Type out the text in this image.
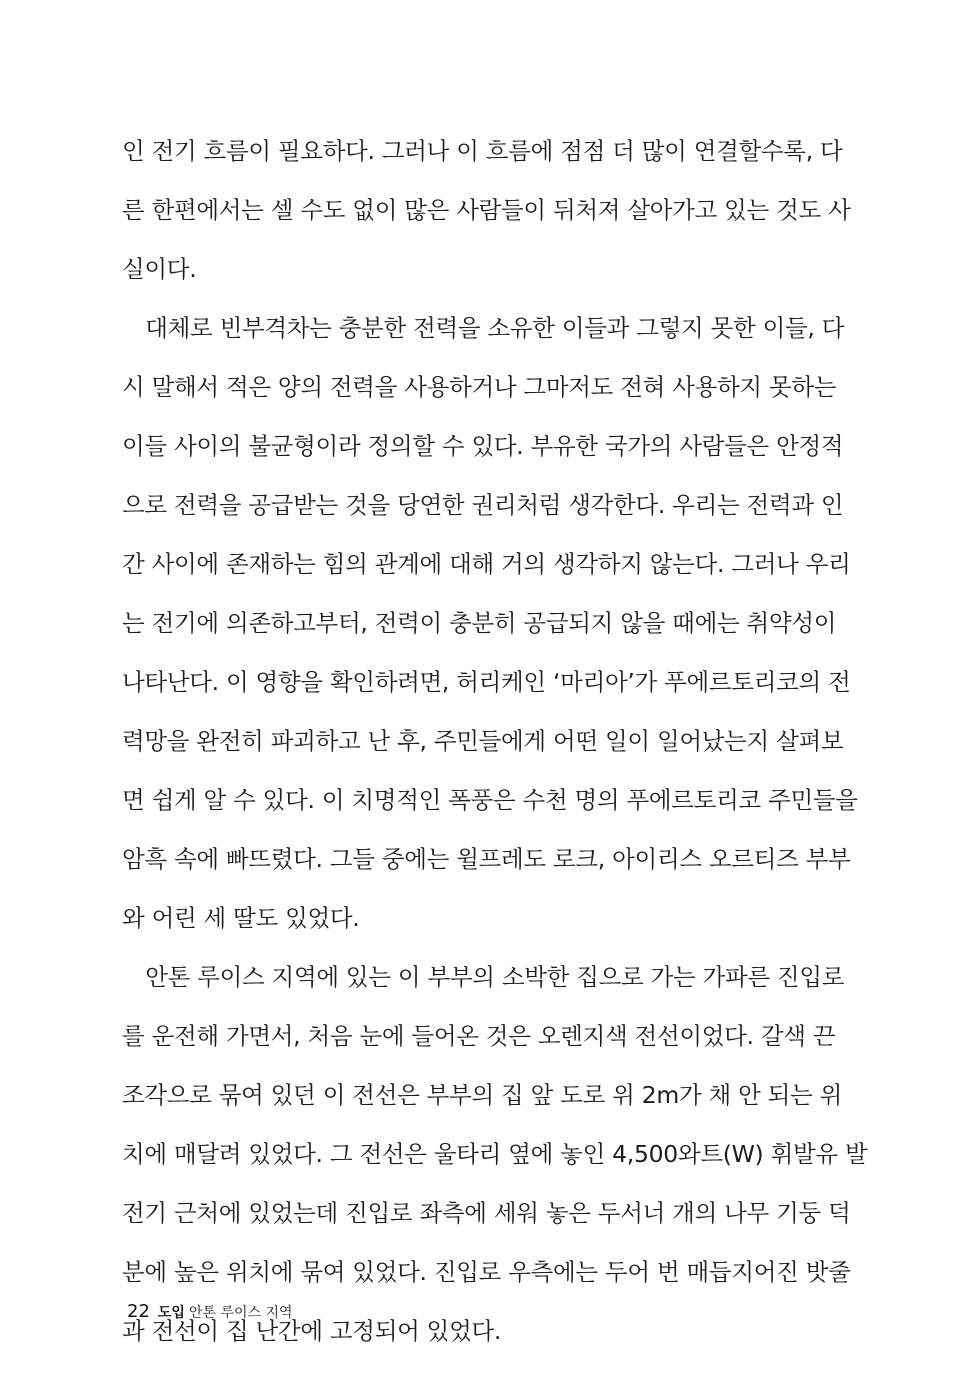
인 전기 흐름이 필요하다. 그러나 이 흐름에 점점 더 많이 연결할수록, 다
른 한편에서는 셀 수도 없이 많은 사람들이 뒤처져 살아가고 있는 것도 사
실이다.
　대체로 빈부격차는 충분한 전력을 소유한 이들과 그렇지 못한 이들, 다
시 말해서 적은 양의 전력을 사용하거나 그마저도 전혀 사용하지 못하는
이들 사이의 불균형이라 정의할 수 있다. 부유한 국가의 사람들은 안정적
으로 전력을 공급받는 것을 당연한 권리처럼 생각한다. 우리는 전력과 인
간 사이에 존재하는 힘의 관계에 대해 거의 생각하지 않는다. 그러나 우리
는 전기에 의존하고부터, 전력이 충분히 공급되지 않을 때에는 취약성이
나타난다. 이 영향을 확인하려면, 허리케인 ‘마리아’가 푸에르토리코의 전
력망을 완전히 파괴하고 난 후, 주민들에게 어떤 일이 일어났는지 살펴보
면 쉽게 알 수 있다. 이 치명적인 폭풍은 수천 명의 푸에르토리코 주민들을
암흑 속에 빠뜨렸다. 그들 중에는 윌프레도 로크, 아이리스 오르티즈 부부
와 어린 세 딸도 있었다.
　안톤 루이스 지역에 있는 이 부부의 소박한 집으로 가는 가파른 진입로
를 운전해 가면서, 처음 눈에 들어온 것은 오렌지색 전선이었다. 갈색 끈
조각으로 묶여 있던 이 전선은 부부의 집 앞 도로 위 2m가 채 안 되는 위
치에 매달려 있었다. 그 전선은 울타리 옆에 놓인 4,500와트(W) 휘발유 발
전기 근처에 있었는데 진입로 좌측에 세워 놓은 두서너 개의 나무 기둥 덕
분에 높은 위치에 묶여 있었다. 진입로 우측에는 두어 번 매듭지어진 밧줄
과 전선이 집 난간에 고정되어 있었다.
22 도입 안톤 루이스 지역
